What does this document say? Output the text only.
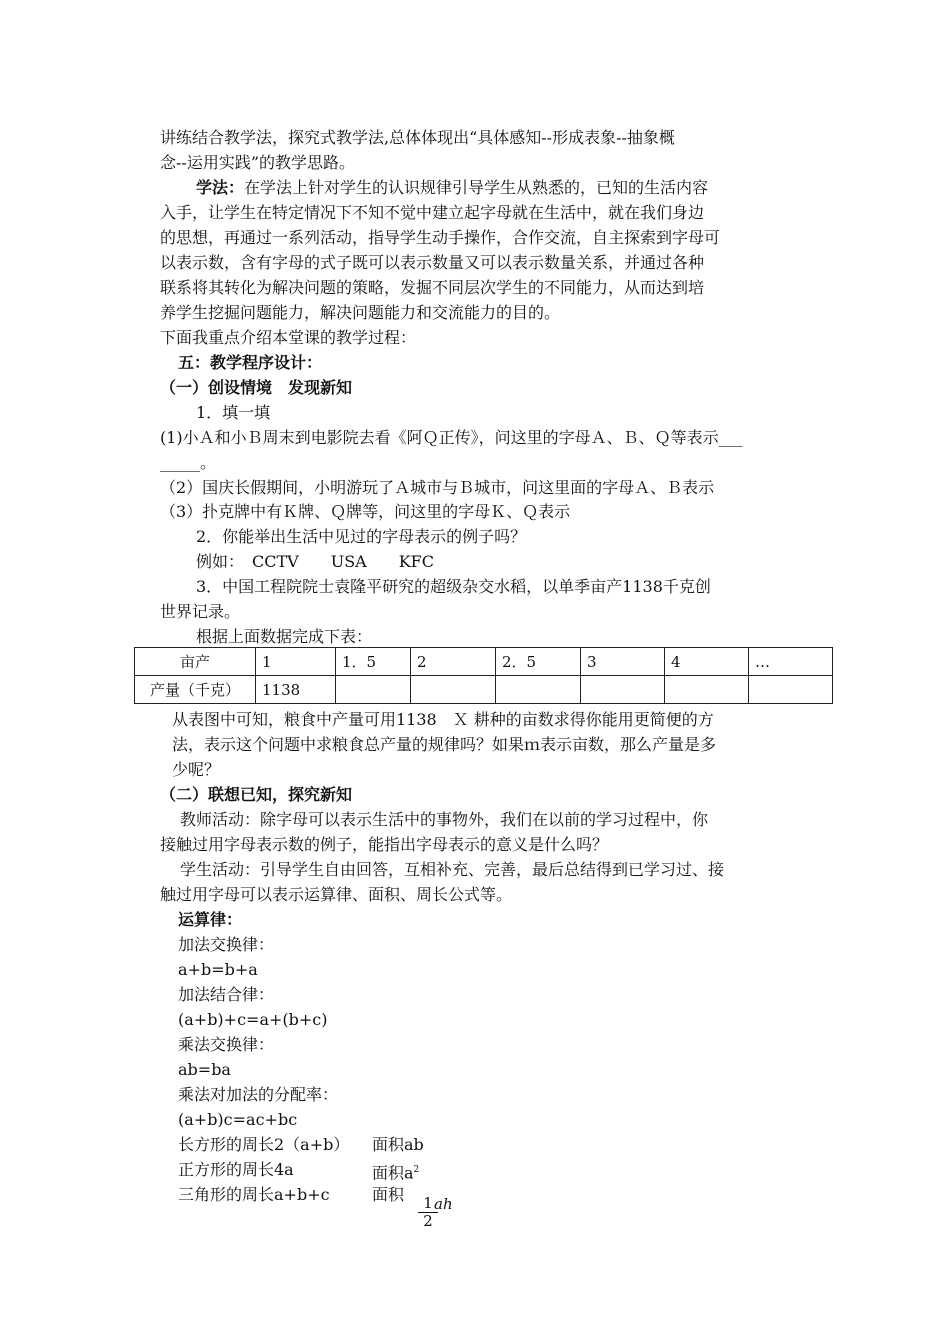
讲练结合教学法，探究式教学法,总体体现出“具体感知--形成表象--抽象概
念--运用实践”的教学思路。
学法：在学法上针对学生的认识规律引导学生从熟悉的，已知的生活内容
入手，让学生在特定情况下不知不觉中建立起字母就在生活中，就在我们身边
的思想，再通过一系列活动，指导学生动手操作，合作交流，自主探索到字母可
以表示数，含有字母的式子既可以表示数量又可以表示数量关系，并通过各种
联系将其转化为解决问题的策略，发掘不同层次学生的不同能力，从而达到培
养学生挖掘问题能力，解决问题能力和交流能力的目的。
下面我重点介绍本堂课的教学过程：
五：教学程序设计：
（一）创设情境　发现新知
1．填一填
(1)小Ａ和小Ｂ周末到电影院去看《阿Ｑ正传》，问这里的字母Ａ、Ｂ、Ｑ等表示___
_____。
（2）国庆长假期间，小明游玩了Ａ城市与Ｂ城市，问这里面的字母Ａ、Ｂ表示
（3）扑克牌中有Ｋ牌、Ｑ牌等，问这里的字母Ｋ、Ｑ表示
2．你能举出生活中见过的字母表示的例子吗？
例如：　CCTV　　USA　　KFC
3．中国工程院院士袁隆平研究的超级杂交水稻，以单季亩产1138千克创
世界记录。
根据上面数据完成下表：
亩产	1	1．5	2	2．5	3	4	…
产量（千克）	1138						
从表图中可知，粮食中产量可用1138　Ｘ 耕种的亩数求得你能用更简便的方
法，表示这个问题中求粮食总产量的规律吗？如果ｍ表示亩数，那么产量是多
少呢？
（二）联想已知，探究新知
教师活动：除字母可以表示生活中的事物外，我们在以前的学习过程中，你
接触过用字母表示数的例子，能指出字母表示的意义是什么吗？
学生活动：引导学生自由回答，互相补充、完善，最后总结得到已学习过、接
触过用字母可以表示运算律、面积、周长公式等。
运算律：
加法交换律：
a+b=b+a
加法结合律：
(a+b)+c=a+(b+c)
乘法交换律：
ab=ba
乘法对加法的分配率：
(a+b)c=ac+bc
长方形的周长2（a+b） 面积ab
正方形的周长4a	面积$a^2$
三角形的周长a+b+c	面积	1
2
ah
